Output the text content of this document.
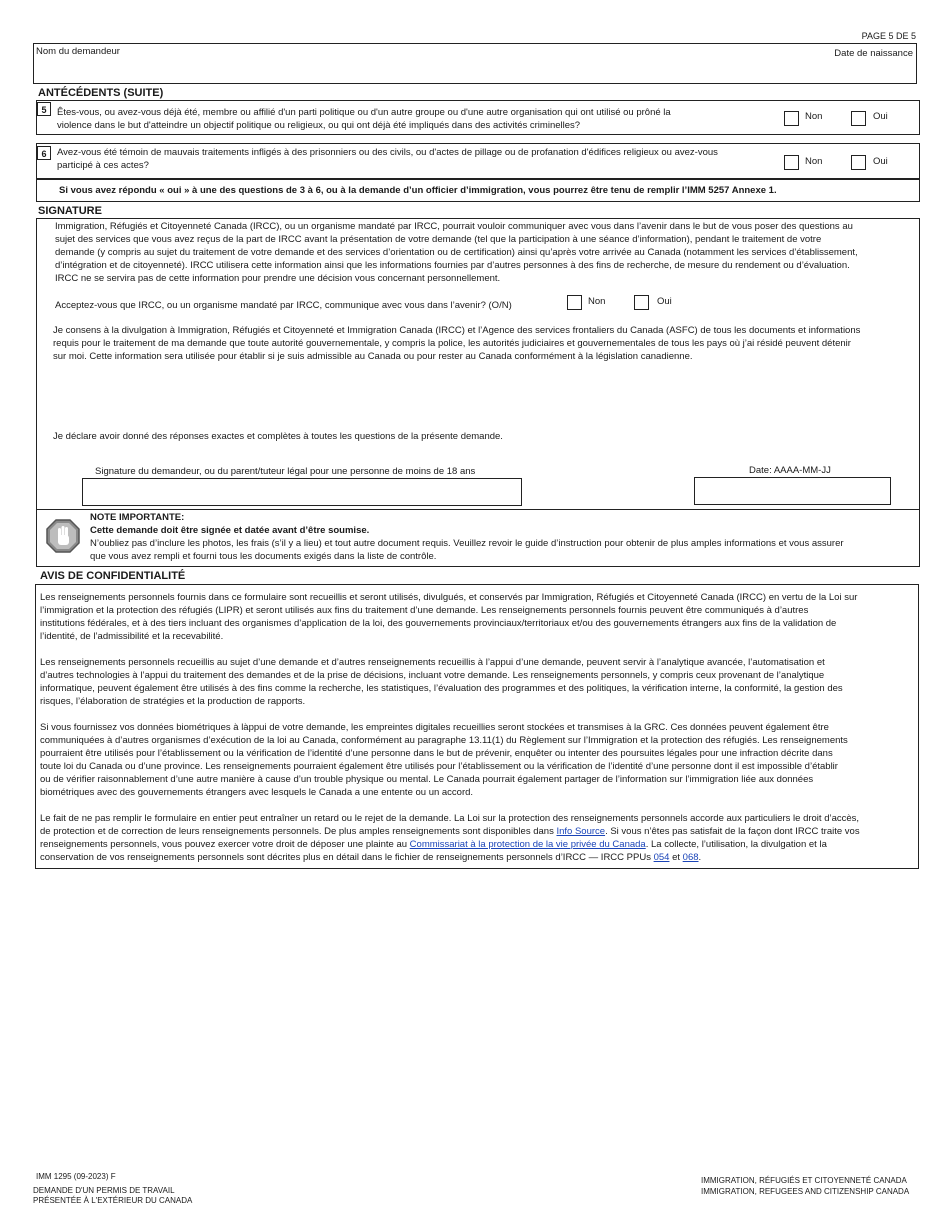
PAGE 5 DE 5
Nom du demandeur	Date de naissance
ANTÉCÉDENTS (SUITE)
5	Êtes-vous, ou avez-vous déjà été, membre ou affilié d'un parti politique ou d'un autre groupe ou d'une autre organisation qui ont utilisé ou prôné la
violence dans le but d'atteindre un objectif politique ou religieux, ou qui ont déjà été impliqués dans des activités criminelles?
Non	Oui
6	Avez-vous été témoin de mauvais traitements infligés à des prisonniers ou des civils, ou d'actes de pillage ou de profanation d'édifices religieux ou avez-vous
participé à ces actes?	Non	Oui
Si vous avez répondu « oui » à une des questions de 3 à 6, ou à la demande d’un officier d’immigration, vous pourrez être tenu de remplir l’IMM 5257 Annexe 1.
SIGNATURE
Immigration, Réfugiés et Citoyenneté Canada (IRCC), ou un organisme mandaté par IRCC, pourrait vouloir communiquer avec vous dans l’avenir dans le but de vous poser des questions au
sujet des services que vous avez reçus de la part de IRCC avant la présentation de votre demande (tel que la participation à une séance d’information), pendant le traitement de votre
demande (y compris au sujet du traitement de votre demande et des services d’orientation ou de certification) ainsi qu’après votre arrivée au Canada (notamment les services d’établissement,
d’intégration et de citoyenneté). IRCC utilisera cette information ainsi que les informations fournies par d’autres personnes à des fins de recherche, de mesure du rendement ou d’évaluation.
IRCC ne se servira pas de cette information pour prendre une décision vous concernant personnellement.
Acceptez-vous que IRCC, ou un organisme mandaté par IRCC, communique avec vous dans l’avenir? (O/N)	Non	Oui
Je consens à la divulgation à Immigration, Réfugiés et Citoyenneté et Immigration Canada (IRCC) et l’Agence des services frontaliers du Canada (ASFC) de tous les documents et informations
requis pour le traitement de ma demande que toute autorité gouvernementale, y compris la police, les autorités judiciaires et gouvernementales de tous les pays où j’ai résidé peuvent détenir
sur moi. Cette information sera utilisée pour établir si je suis admissible au Canada ou pour rester au Canada conformément à la législation canadienne.
Je déclare avoir donné des réponses exactes et complètes à toutes les questions de la présente demande.
Signature du demandeur, ou du parent/tuteur légal pour une personne de moins de 18 ans	Date: AAAA-MM-JJ
NOTE IMPORTANTE:
Cette demande doit être signée et datée avant d’être soumise.
N’oubliez pas d’inclure les photos, les frais (s’il y a lieu) et tout autre document requis. Veuillez revoir le guide d’instruction pour obtenir de plus amples informations et vous assurer
que vous avez rempli et fourni tous les documents exigés dans la liste de contrôle.
AVIS DE CONFIDENTIALITÉ
Les renseignements personnels fournis dans ce formulaire sont recueillis et seront utilisés, divulgués, et conservés par Immigration, Réfugiés et Citoyenneté Canada (IRCC) en vertu de la Loi sur
l’immigration et la protection des réfugiés (LIPR) et seront utilisés aux fins du traitement d’une demande. Les renseignements personnels fournis peuvent être communiqués à d’autres
institutions fédérales, et à des tiers incluant des organismes d’application de la loi, des gouvernements provinciaux/territoriaux et/ou des gouvernements étrangers aux fins de la validation de
l’identité, de l’admissibilité et la recevabilité.
Les renseignements personnels recueillis au sujet d’une demande et d’autres renseignements recueillis à l’appui d’une demande, peuvent servir à l’analytique avancée, l’automatisation et
d’autres technologies à l’appui du traitement des demandes et de la prise de décisions, incluant votre demande. Les renseignements personnels, y compris ceux provenant de l’analytique
informatique, peuvent également être utilisés à des fins comme la recherche, les statistiques, l’évaluation des programmes et des politiques, la vérification interne, la conformité, la gestion des
risques, l’élaboration de stratégies et la production de rapports.
Si vous fournissez vos données biométriques à làppui de votre demande, les empreintes digitales recueillies seront stockées et transmises à la GRC. Ces données peuvent également être
communiquées à d’autres organismes d’exécution de la loi au Canada, conformément au paragraphe 13.11(1) du Règlement sur l’Immigration et la protection des réfugiés. Les renseignements
pourraient être utilisés pour l’établissement ou la vérification de l’identité d’une personne dans le but de prévenir, enquêter ou intenter des poursuites légales pour une infraction décrite dans
toute loi du Canada ou d’une province. Les renseignements pourraient également être utilisés pour l’établissement ou la vérification de l’identité d’une personne dont il est impossible d’établir
ou de vérifier raisonnablement d’une autre manière à cause d’un trouble physique ou mental. Le Canada pourrait également partager de l’information sur l’immigration liée aux données
biométriques avec des gouvernements étrangers avec lesquels le Canada a une entente ou un accord.
Le fait de ne pas remplir le formulaire en entier peut entraîner un retard ou le rejet de la demande. La Loi sur la protection des renseignements personnels accorde aux particuliers le droit d’accès,
de protection et de correction de leurs renseignements personnels. De plus amples renseignements sont disponibles dans Info Source. Si vous n’êtes pas satisfait de la façon dont IRCC traite vos
renseignements personnels, vous pouvez exercer votre droit de déposer une plainte au Commissariat à la protection de la vie privée du Canada. La collecte, l’utilisation, la divulgation et la
conservation de vos renseignements personnels sont décrites plus en détail dans le fichier de renseignements personnels d’IRCC — IRCC PPUs 054 et 068.
IMM 1295 (09-2023) F
DEMANDE D'UN PERMIS DE TRAVAIL
PRÉSENTÉE À L'EXTÉRIEUR DU CANADA
IMMIGRATION, RÉFUGIÉS ET CITOYENNETÉ CANADA
IMMIGRATION, REFUGEES AND CITIZENSHIP CANADA
